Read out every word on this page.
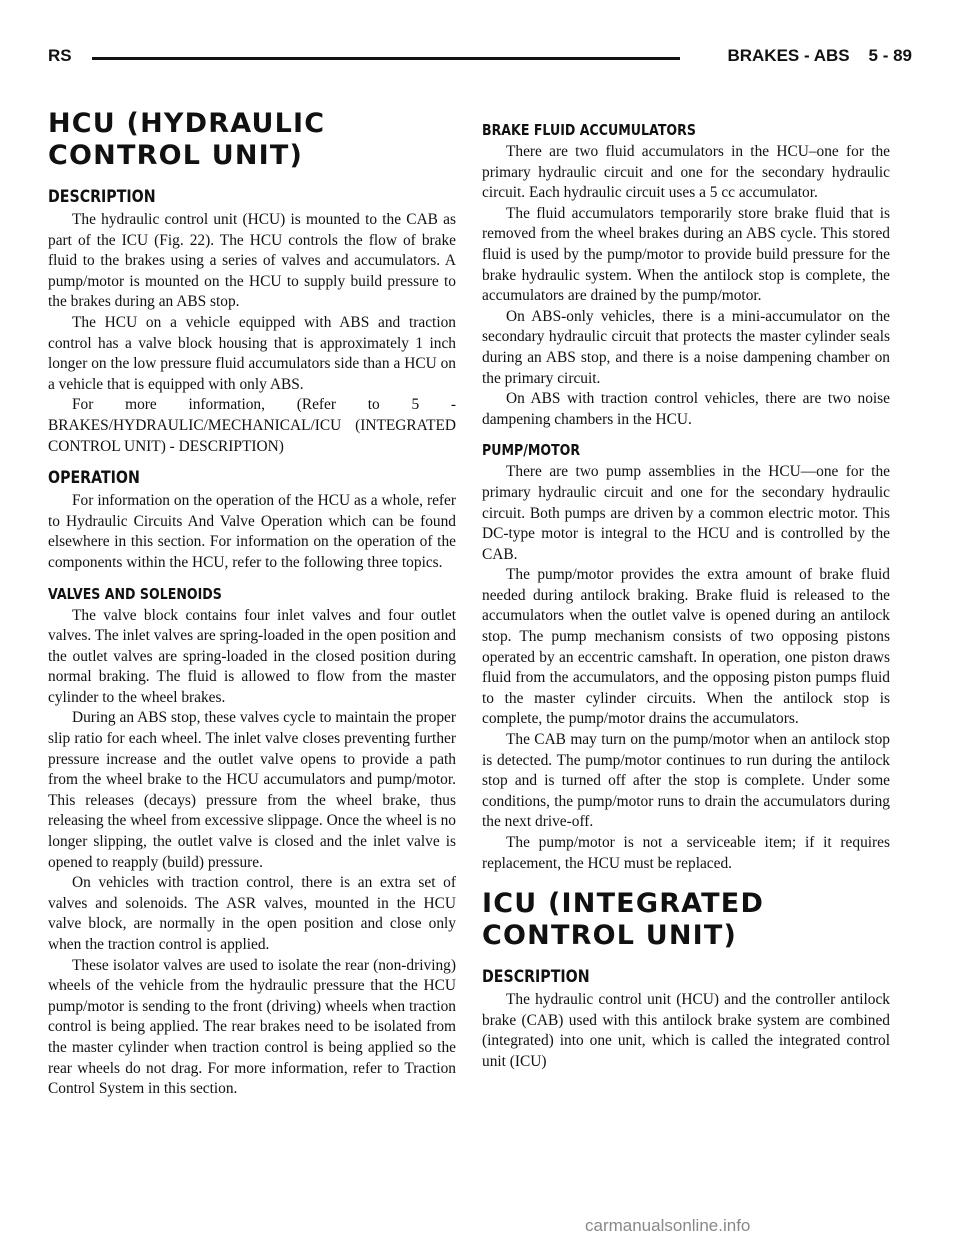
RS	BRAKES - ABS    5 - 89
HCU (HYDRAULIC CONTROL UNIT)
DESCRIPTION

The hydraulic control unit (HCU) is mounted to the CAB as part of the ICU (Fig. 22). The HCU controls the flow of brake fluid to the brakes using a series of valves and accumulators. A pump/motor is mounted on the HCU to supply build pressure to the brakes during an ABS stop.

The HCU on a vehicle equipped with ABS and traction control has a valve block housing that is approximately 1 inch longer on the low pressure fluid accumulators side than a HCU on a vehicle that is equipped with only ABS.

For more information, (Refer to 5 - BRAKES/HYDRAULIC/MECHANICAL/ICU (INTEGRATED CONTROL UNIT) - DESCRIPTION)

OPERATION

For information on the operation of the HCU as a whole, refer to Hydraulic Circuits And Valve Operation which can be found elsewhere in this section. For information on the operation of the components within the HCU, refer to the following three topics.

VALVES AND SOLENOIDS

The valve block contains four inlet valves and four outlet valves. The inlet valves are spring-loaded in the open position and the outlet valves are spring-loaded in the closed position during normal braking. The fluid is allowed to flow from the master cylinder to the wheel brakes.

During an ABS stop, these valves cycle to maintain the proper slip ratio for each wheel. The inlet valve closes preventing further pressure increase and the outlet valve opens to provide a path from the wheel brake to the HCU accumulators and pump/motor. This releases (decays) pressure from the wheel brake, thus releasing the wheel from excessive slippage. Once the wheel is no longer slipping, the outlet valve is closed and the inlet valve is opened to reapply (build) pressure.

On vehicles with traction control, there is an extra set of valves and solenoids. The ASR valves, mounted in the HCU valve block, are normally in the open position and close only when the traction control is applied.

These isolator valves are used to isolate the rear (non-driving) wheels of the vehicle from the hydraulic pressure that the HCU pump/motor is sending to the front (driving) wheels when traction control is being applied. The rear brakes need to be isolated from the master cylinder when traction control is being applied so the rear wheels do not drag. For more information, refer to Traction Control System in this section.

BRAKE FLUID ACCUMULATORS

There are two fluid accumulators in the HCU–one for the primary hydraulic circuit and one for the secondary hydraulic circuit. Each hydraulic circuit uses a 5 cc accumulator.

The fluid accumulators temporarily store brake fluid that is removed from the wheel brakes during an ABS cycle. This stored fluid is used by the pump/motor to provide build pressure for the brake hydraulic system. When the antilock stop is complete, the accumulators are drained by the pump/motor.

On ABS-only vehicles, there is a mini-accumulator on the secondary hydraulic circuit that protects the master cylinder seals during an ABS stop, and there is a noise dampening chamber on the primary circuit.

On ABS with traction control vehicles, there are two noise dampening chambers in the HCU.

PUMP/MOTOR

There are two pump assemblies in the HCU—one for the primary hydraulic circuit and one for the secondary hydraulic circuit. Both pumps are driven by a common electric motor. This DC-type motor is integral to the HCU and is controlled by the CAB.

The pump/motor provides the extra amount of brake fluid needed during antilock braking. Brake fluid is released to the accumulators when the outlet valve is opened during an antilock stop. The pump mechanism consists of two opposing pistons operated by an eccentric camshaft. In operation, one piston draws fluid from the accumulators, and the opposing piston pumps fluid to the master cylinder circuits. When the antilock stop is complete, the pump/motor drains the accumulators.

The CAB may turn on the pump/motor when an antilock stop is detected. The pump/motor continues to run during the antilock stop and is turned off after the stop is complete. Under some conditions, the pump/motor runs to drain the accumulators during the next drive-off.

The pump/motor is not a serviceable item; if it requires replacement, the HCU must be replaced.

ICU (INTEGRATED CONTROL UNIT)
DESCRIPTION

The hydraulic control unit (HCU) and the controller antilock brake (CAB) used with this antilock brake system are combined (integrated) into one unit, which is called the integrated control unit (ICU)

carmanualsonline.info
